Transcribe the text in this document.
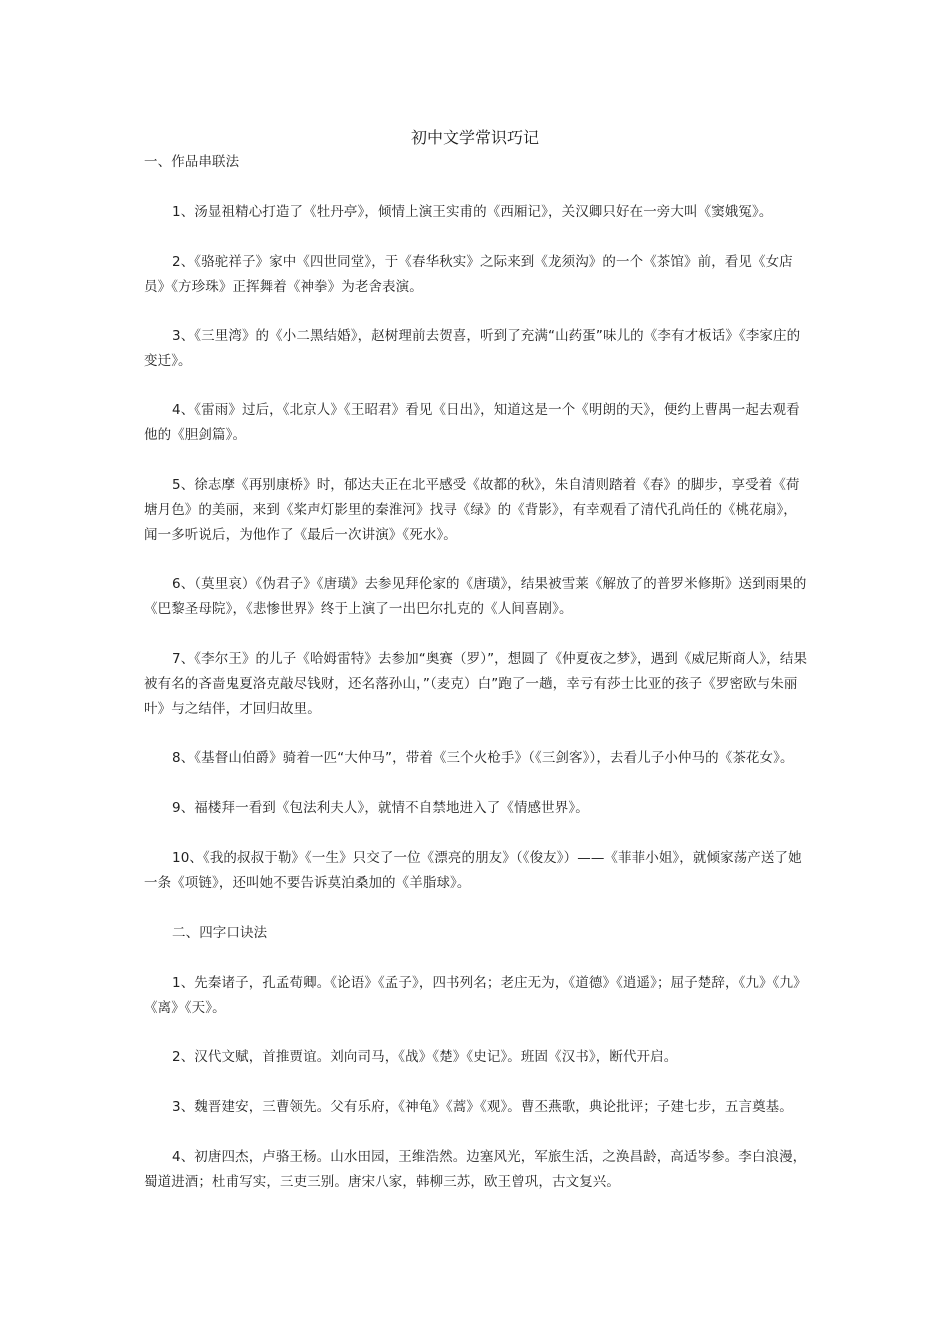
初中文学常识巧记
一、作品串联法
1、汤显祖精心打造了《牡丹亭》，倾情上演王实甫的《西厢记》，关汉卿只好在一旁大叫《窦娥冤》。
2、《骆驼祥子》家中《四世同堂》，于《春华秋实》之际来到《龙须沟》的一个《茶馆》前，看见《女店员》《方珍珠》正挥舞着《神拳》为老舍表演。
3、《三里湾》的《小二黑结婚》，赵树理前去贺喜，听到了充满“山药蛋”味儿的《李有才板话》《李家庄的变迁》。
4、《雷雨》过后，《北京人》《王昭君》看见《日出》，知道这是一个《明朗的天》，便约上曹禺一起去观看他的《胆剑篇》。
5、徐志摩《再别康桥》时，郁达夫正在北平感受《故都的秋》，朱自清则踏着《春》的脚步，享受着《荷塘月色》的美丽，来到《桨声灯影里的秦淮河》找寻《绿》的《背影》，有幸观看了清代孔尚任的《桃花扇》，闻一多听说后，为他作了《最后一次讲演》《死水》。
6、（莫里哀）《伪君子》《唐璜》去参见拜伦家的《唐璜》，结果被雪莱《解放了的普罗米修斯》送到雨果的《巴黎圣母院》，《悲惨世界》终于上演了一出巴尔扎克的《人间喜剧》。
7、《李尔王》的儿子《哈姆雷特》去参加“奥赛（罗）”，想圆了《仲夏夜之梦》，遇到《威尼斯商人》，结果被有名的吝啬鬼夏洛克敲尽钱财，还名落孙山，”（麦克）白”跑了一趟，幸亏有莎士比亚的孩子《罗密欧与朱丽叶》与之结伴，才回归故里。
8、《基督山伯爵》骑着一匹“大仲马”，带着《三个火枪手》（《三剑客》），去看儿子小仲马的《茶花女》。
9、福楼拜一看到《包法利夫人》，就情不自禁地进入了《情感世界》。
10、《我的叔叔于勒》《一生》只交了一位《漂亮的朋友》（《俊友》）——《菲菲小姐》，就倾家荡产送了她一条《项链》，还叫她不要告诉莫泊桑加的《羊脂球》。
二、四字口诀法
1、先秦诸子，孔孟荀卿。《论语》《孟子》，四书列名；老庄无为，《道德》《逍遥》；屈子楚辞，《九》《九》《离》《天》。
2、汉代文赋，首推贾谊。刘向司马，《战》《楚》《史记》。班固《汉书》，断代开启。
3、魏晋建安，三曹领先。父有乐府，《神龟》《蒿》《观》。曹丕燕歌，典论批评；子建七步，五言奠基。
4、初唐四杰，卢骆王杨。山水田园，王维浩然。边塞风光，军旅生活，之涣昌龄，高适岑参。李白浪漫，蜀道进酒；杜甫写实，三吏三别。唐宋八家，韩柳三苏，欧王曾巩，古文复兴。
